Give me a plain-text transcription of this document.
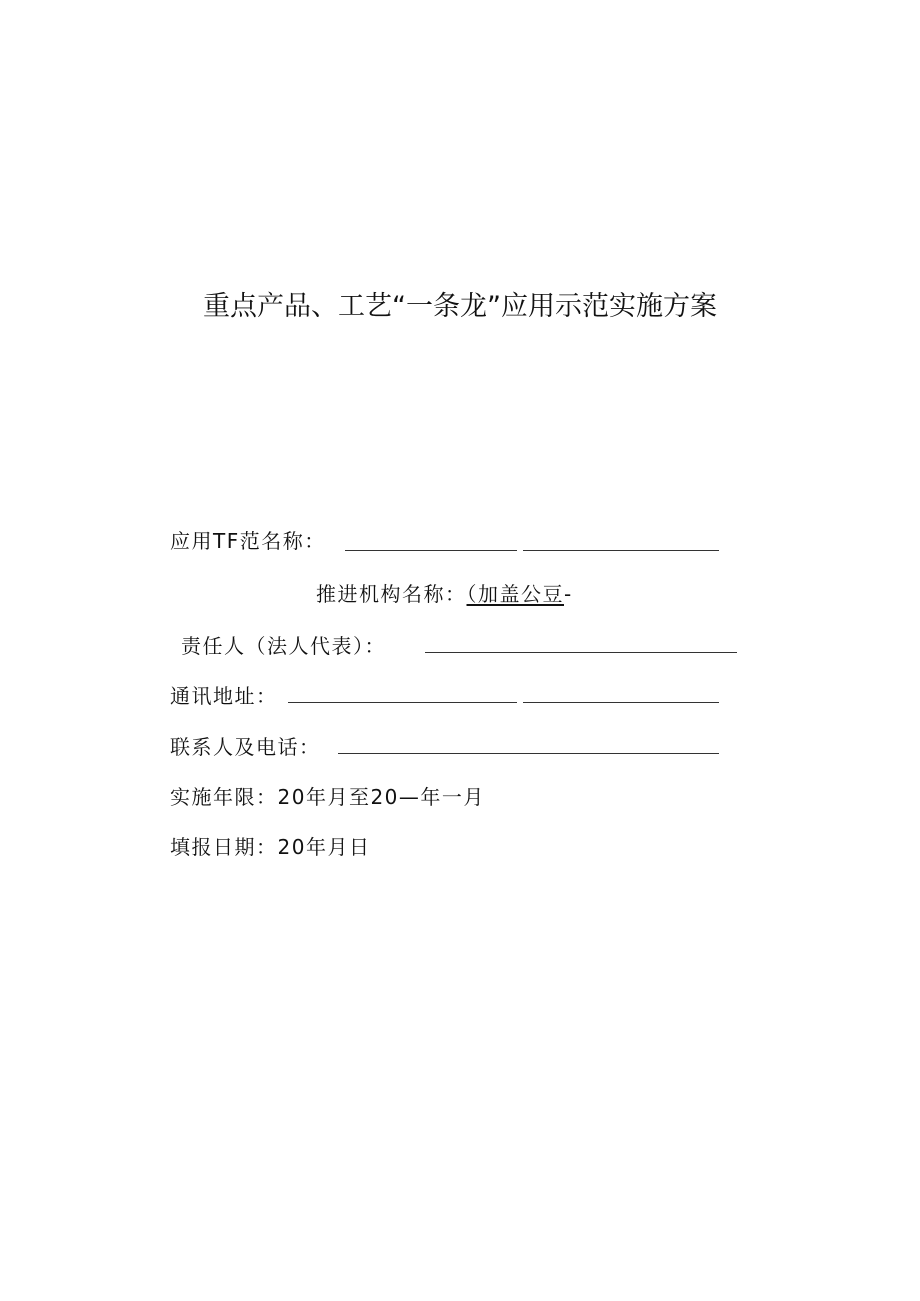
重点产品、工艺“一条龙”应用示范实施方案
应用TF范名称：
推进机构名称：（加盖公豆-
责任人（法人代表）：
通讯地址：
联系人及电话：
实施年限：20年月至20—年一月
填报日期：20年月日
